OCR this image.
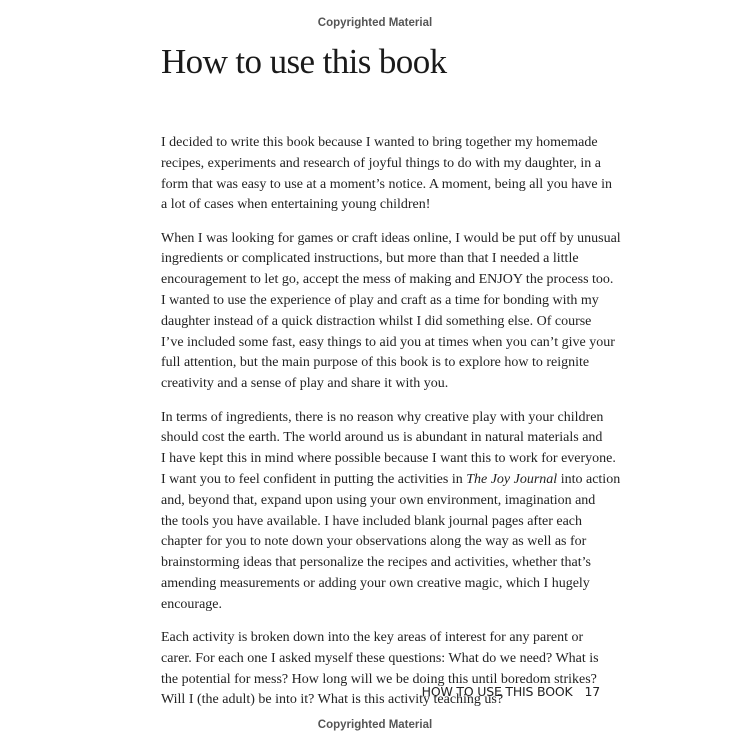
Copyrighted Material
How to use this book

I decided to write this book because I wanted to bring together my homemade
recipes, experiments and research of joyful things to do with my daughter, in a
form that was easy to use at a moment’s notice. A moment, being all you have in
a lot of cases when entertaining young children!

When I was looking for games or craft ideas online, I would be put off by unusual
ingredients or complicated instructions, but more than that I needed a little
encouragement to let go, accept the mess of making and ENJOY the process too.
I wanted to use the experience of play and craft as a time for bonding with my
daughter instead of a quick distraction whilst I did something else. Of course
I’ve included some fast, easy things to aid you at times when you can’t give your
full attention, but the main purpose of this book is to explore how to reignite
creativity and a sense of play and share it with you.

In terms of ingredients, there is no reason why creative play with your children
should cost the earth. The world around us is abundant in natural materials and
I have kept this in mind where possible because I want this to work for everyone.
I want you to feel confident in putting the activities in The Joy Journal into action
and, beyond that, expand upon using your own environment, imagination and
the tools you have available. I have included blank journal pages after each
chapter for you to note down your observations along the way as well as for
brainstorming ideas that personalize the recipes and activities, whether that’s
amending measurements or adding your own creative magic, which I hugely
encourage.

Each activity is broken down into the key areas of interest for any parent or
carer. For each one I asked myself these questions: What do we need? What is
the potential for mess? How long will we be doing this until boredom strikes?
Will I (the adult) be into it? What is this activity teaching us?

HOW TO USE THIS BOOK 17
Copyrighted Material
